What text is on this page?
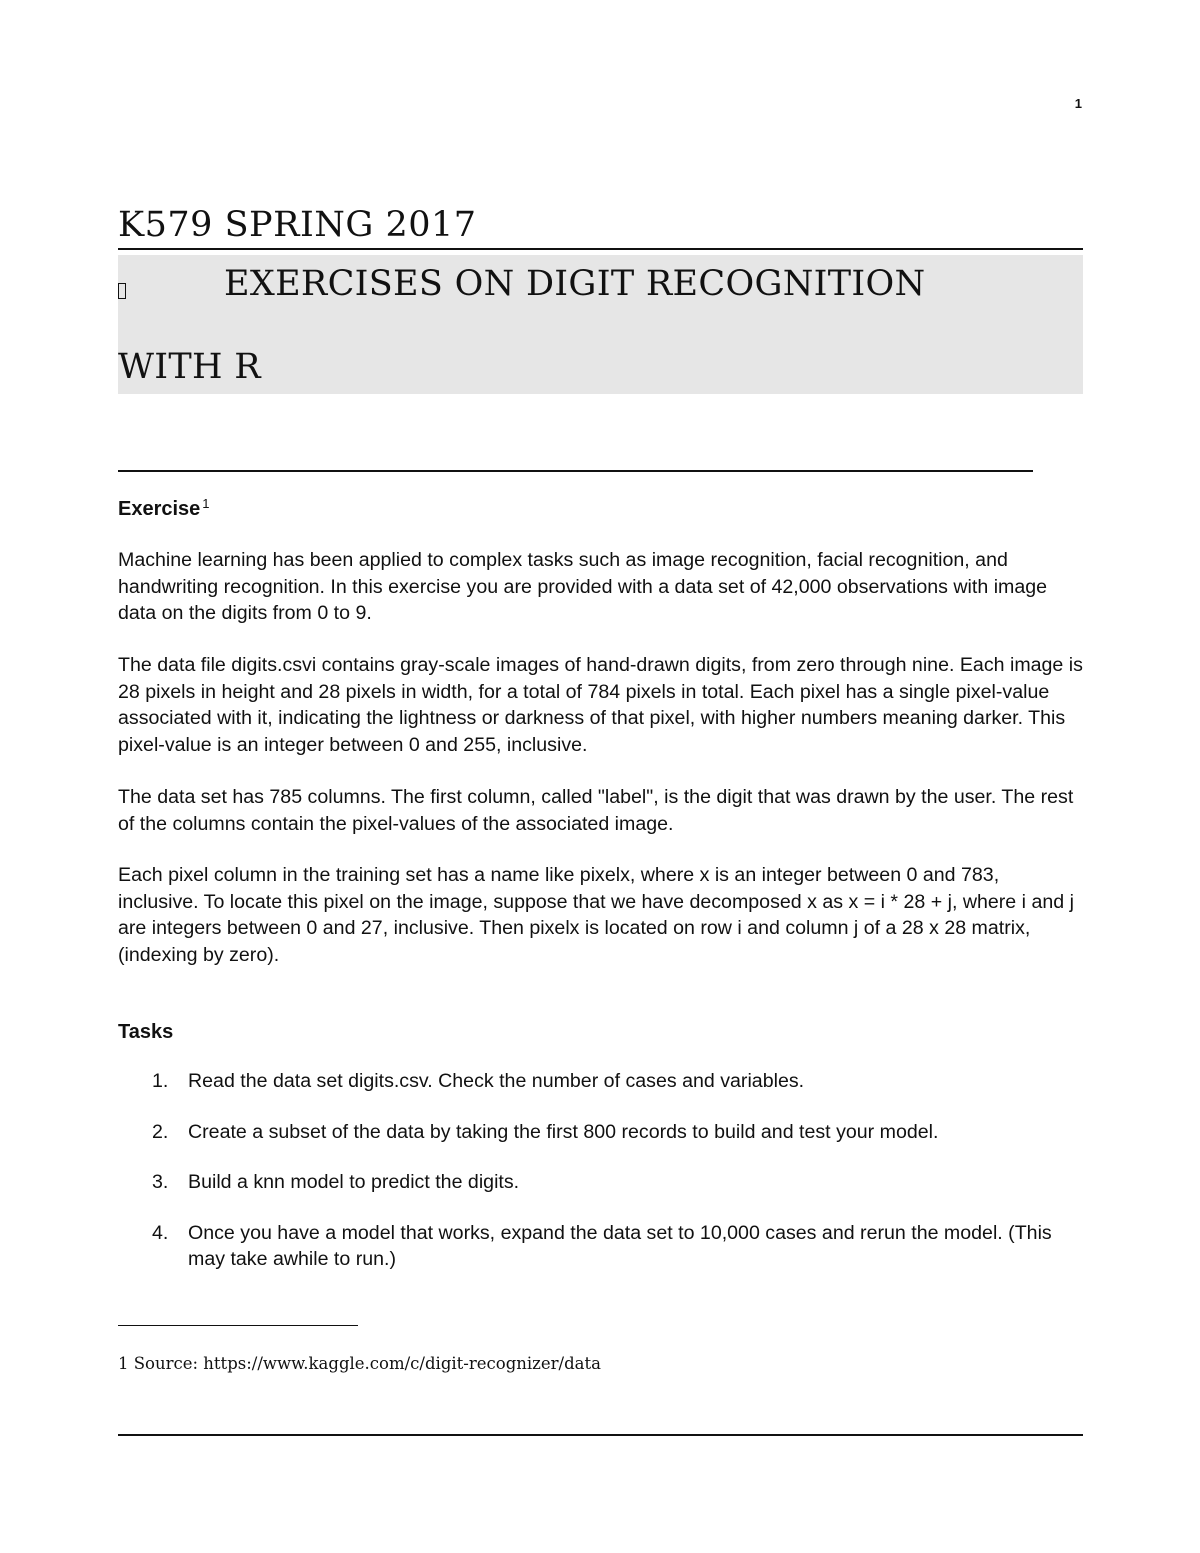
1
K579 SPRING 2017
EXERCISES ON DIGIT RECOGNITION
WITH R
Exercise $^1$

Machine learning has been applied to complex tasks such as image recognition, facial recognition, and handwriting recognition. In this exercise you are provided with a data set of 42,000 observations with image data on the digits from 0 to 9.

The data file digits.csvi contains gray-scale images of hand-drawn digits, from zero through nine. Each image is 28 pixels in height and 28 pixels in width, for a total of 784 pixels in total. Each pixel has a single pixel-value associated with it, indicating the lightness or darkness of that pixel, with higher numbers meaning darker. This pixel-value is an integer between 0 and 255, inclusive.

The data set has 785 columns. The first column, called "label", is the digit that was drawn by the user. The rest of the columns contain the pixel-values of the associated image.

Each pixel column in the training set has a name like pixelx, where x is an integer between 0 and 783, inclusive. To locate this pixel on the image, suppose that we have decomposed x as x = i * 28 + j, where i and j are integers between 0 and 27, inclusive. Then pixelx is located on row i and column j of a 28 x 28 matrix, (indexing by zero).

Tasks
1. Read the data set digits.csv. Check the number of cases and variables.
2. Create a subset of the data by taking the first 800 records to build and test your model.
3. Build a knn model to predict the digits.
4. Once you have a model that works, expand the data set to 10,000 cases and rerun the model. (This may take awhile to run.)

1 Source: https://www.kaggle.com/c/digit-recognizer/data
